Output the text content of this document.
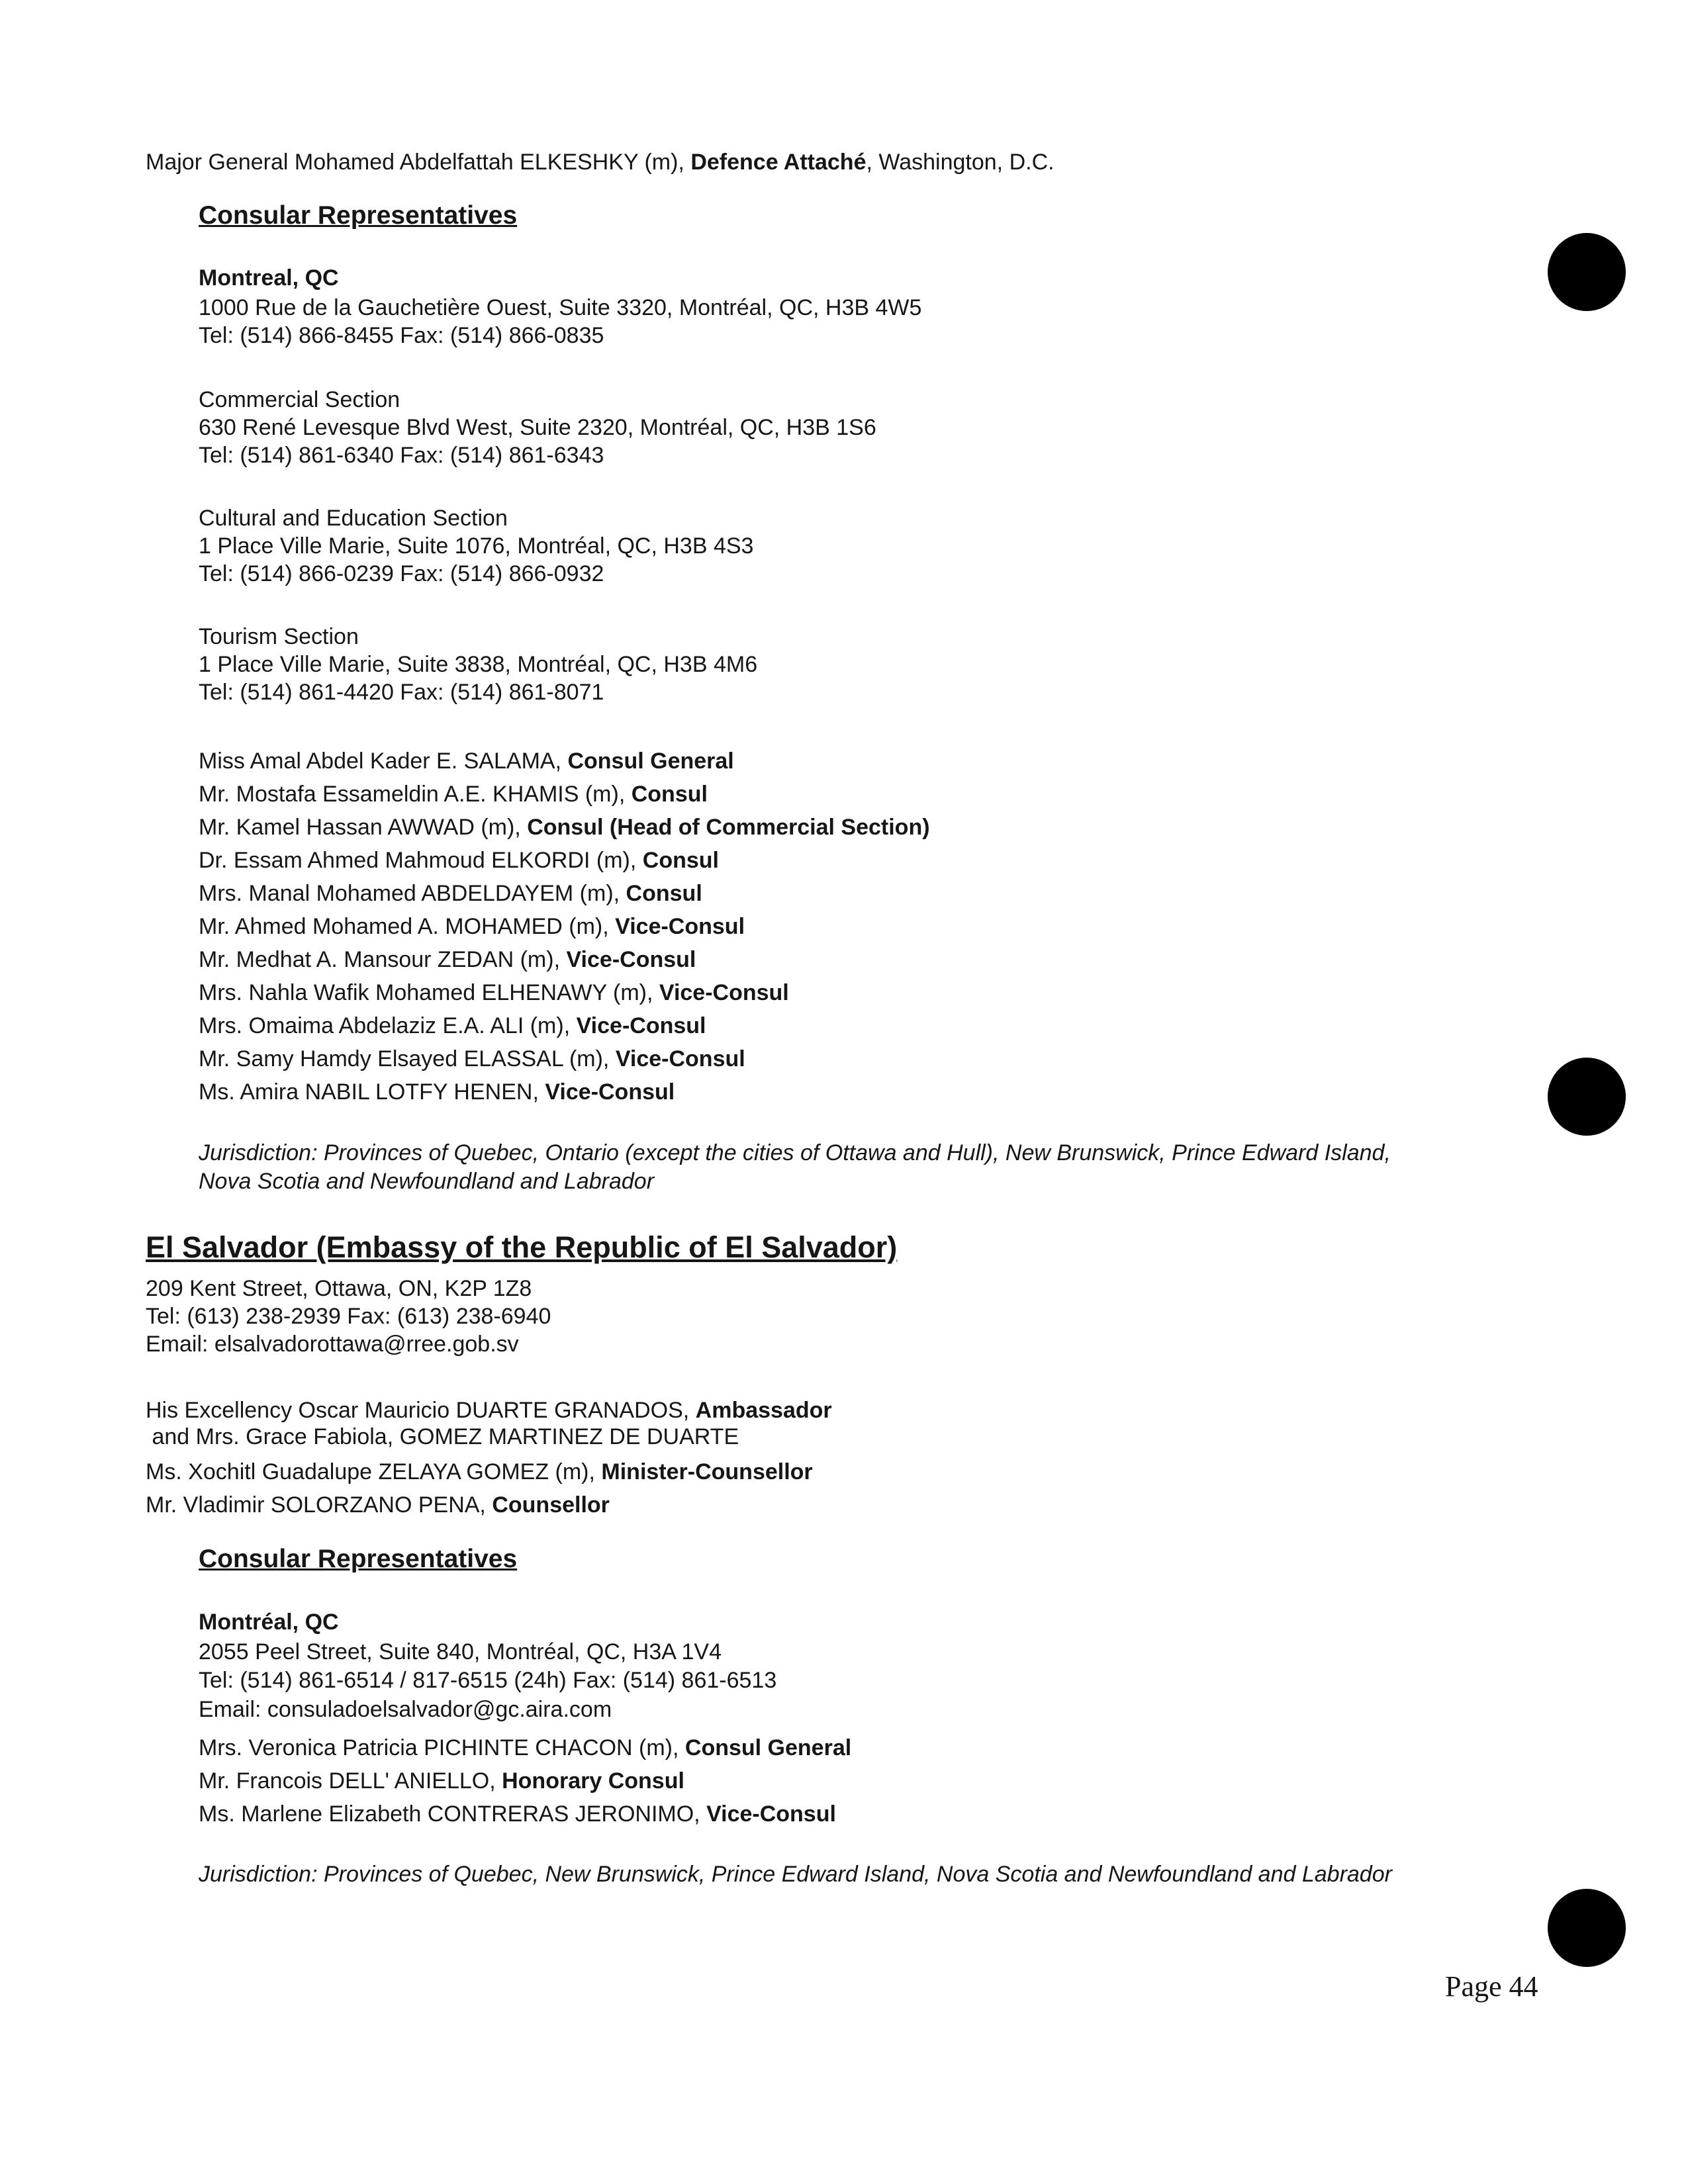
Major General Mohamed Abdelfattah ELKESHKY (m), Defence Attaché, Washington, D.C.

Consular Representatives

Montreal, QC

1000 Rue de la Gauchetière Ouest, Suite 3320, Montréal, QC, H3B 4W5

Tel: (514) 866-8455 Fax: (514) 866-0835

Commercial Section

630 René Levesque Blvd West, Suite 2320, Montréal, QC, H3B 1S6

Tel: (514) 861-6340 Fax: (514) 861-6343

Cultural and Education Section

1 Place Ville Marie, Suite 1076, Montréal, QC, H3B 4S3

Tel: (514) 866-0239 Fax: (514) 866-0932

Tourism Section

1 Place Ville Marie, Suite 3838, Montréal, QC, H3B 4M6

Tel: (514) 861-4420 Fax: (514) 861-8071

Miss Amal Abdel Kader E. SALAMA, Consul General

Mr. Mostafa Essameldin A.E. KHAMIS (m), Consul

Mr. Kamel Hassan AWWAD (m), Consul (Head of Commercial Section)

Dr. Essam Ahmed Mahmoud ELKORDI (m), Consul

Mrs. Manal Mohamed ABDELDAYEM (m), Consul

Mr. Ahmed Mohamed A. MOHAMED (m), Vice-Consul

Mr. Medhat A. Mansour ZEDAN (m), Vice-Consul

Mrs. Nahla Wafik Mohamed ELHENAWY (m), Vice-Consul

Mrs. Omaima Abdelaziz E.A. ALI (m), Vice-Consul

Mr. Samy Hamdy Elsayed ELASSAL (m), Vice-Consul

Ms. Amira NABIL LOTFY HENEN, Vice-Consul

Jurisdiction: Provinces of Quebec, Ontario (except the cities of Ottawa and Hull), New Brunswick, Prince Edward Island,

Nova Scotia and Newfoundland and Labrador

El Salvador (Embassy of the Republic of El Salvador)

209 Kent Street, Ottawa, ON, K2P 1Z8

Tel: (613) 238-2939 Fax: (613) 238-6940

Email: elsalvadorottawa@rree.gob.sv

His Excellency Oscar Mauricio DUARTE GRANADOS, Ambassador

and Mrs. Grace Fabiola, GOMEZ MARTINEZ DE DUARTE

Ms. Xochitl Guadalupe ZELAYA GOMEZ (m), Minister-Counsellor

Mr. Vladimir SOLORZANO PENA, Counsellor

Consular Representatives

Montréal, QC

2055 Peel Street, Suite 840, Montréal, QC, H3A 1V4

Tel: (514) 861-6514 / 817-6515 (24h) Fax: (514) 861-6513

Email: consuladoelsalvador@gc.aira.com

Mrs. Veronica Patricia PICHINTE CHACON (m), Consul General

Mr. Francois DELL' ANIELLO, Honorary Consul

Ms. Marlene Elizabeth CONTRERAS JERONIMO, Vice-Consul

Jurisdiction: Provinces of Quebec, New Brunswick, Prince Edward Island, Nova Scotia and Newfoundland and Labrador

Page 44
